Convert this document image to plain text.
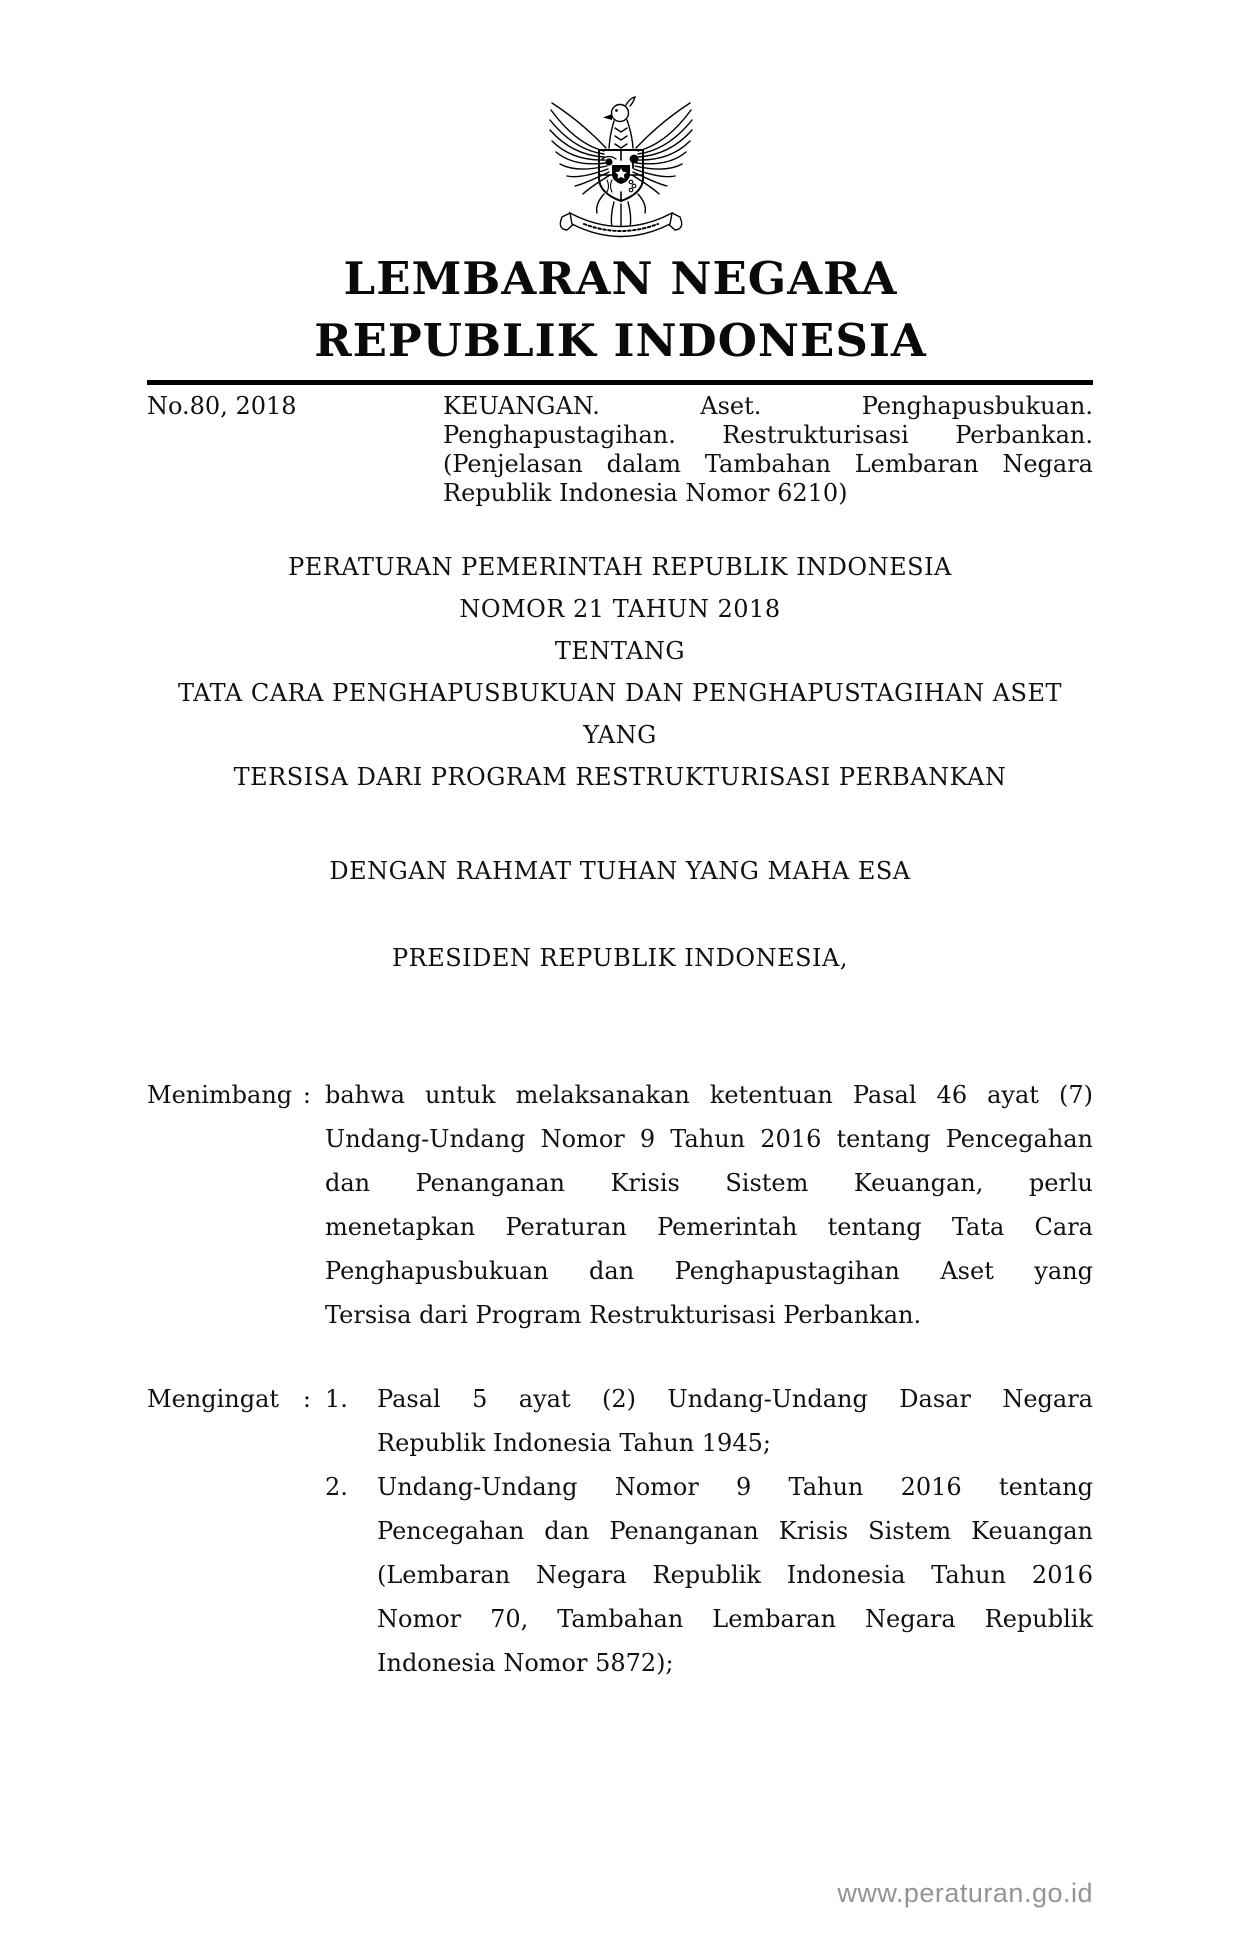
LEMBARAN NEGARA
REPUBLIK INDONESIA
No.80, 2018	KEUANGAN. Aset. Penghapusbukuan.
Penghapustagihan. Restrukturisasi Perbankan.
(Penjelasan dalam Tambahan Lembaran Negara
Republik Indonesia Nomor 6210)
PERATURAN PEMERINTAH REPUBLIK INDONESIA
NOMOR 21 TAHUN 2018
TENTANG
TATA CARA PENGHAPUSBUKUAN DAN PENGHAPUSTAGIHAN ASET YANG
TERSISA DARI PROGRAM RESTRUKTURISASI PERBANKAN
DENGAN RAHMAT TUHAN YANG MAHA ESA
PRESIDEN REPUBLIK INDONESIA,
Menimbang : bahwa untuk melaksanakan ketentuan Pasal 46 ayat (7)
Undang-Undang Nomor 9 Tahun 2016 tentang Pencegahan
dan Penanganan Krisis Sistem Keuangan, perlu
menetapkan Peraturan Pemerintah tentang Tata Cara
Penghapusbukuan dan Penghapustagihan Aset yang
Tersisa dari Program Restrukturisasi Perbankan.
Mengingat : 1.	Pasal 5 ayat (2) Undang-Undang Dasar Negara
Republik Indonesia Tahun 1945;
2.	Undang-Undang Nomor 9 Tahun 2016 tentang
Pencegahan dan Penanganan Krisis Sistem Keuangan
(Lembaran Negara Republik Indonesia Tahun 2016
Nomor 70, Tambahan Lembaran Negara Republik
Indonesia Nomor 5872);
www.peraturan.go.id
